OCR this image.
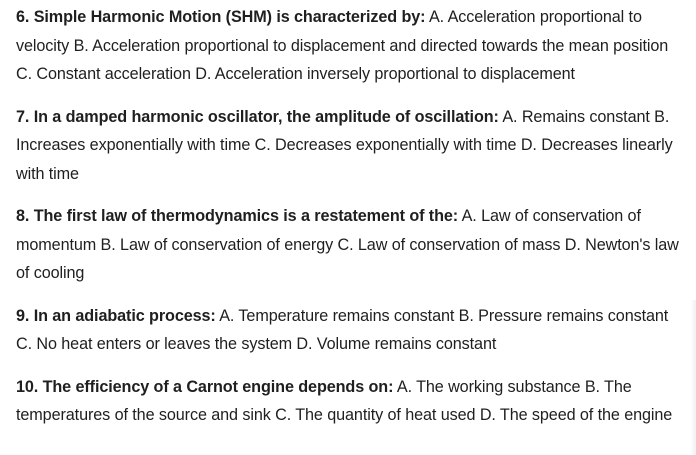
6. Simple Harmonic Motion (SHM) is characterized by: A. Acceleration proportional to velocity B. Acceleration proportional to displacement and directed towards the mean position C. Constant acceleration D. Acceleration inversely proportional to displacement

7. In a damped harmonic oscillator, the amplitude of oscillation: A. Remains constant B. Increases exponentially with time C. Decreases exponentially with time D. Decreases linearly with time

8. The first law of thermodynamics is a restatement of the: A. Law of conservation of momentum B. Law of conservation of energy C. Law of conservation of mass D. Newton's law of cooling

9. In an adiabatic process: A. Temperature remains constant B. Pressure remains constant C. No heat enters or leaves the system D. Volume remains constant

10. The efficiency of a Carnot engine depends on: A. The working substance B. The temperatures of the source and sink C. The quantity of heat used D. The speed of the engine
